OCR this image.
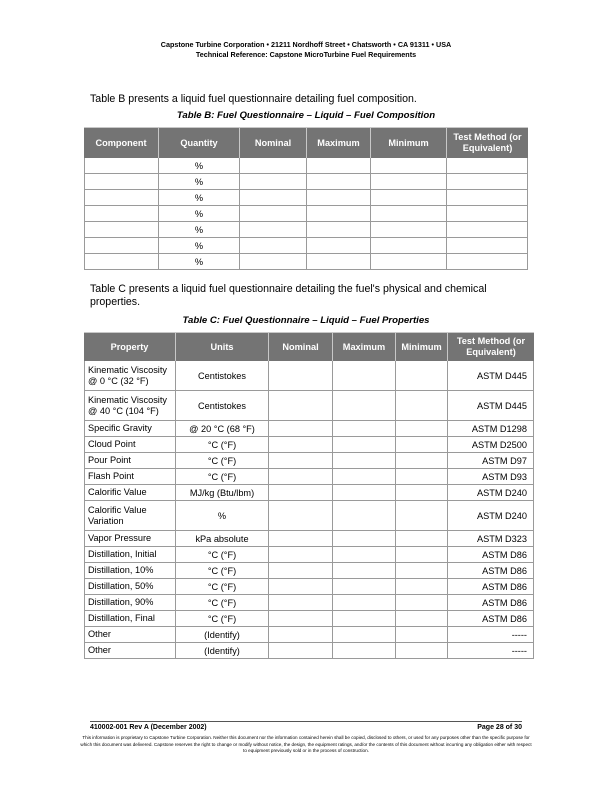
Capstone Turbine Corporation • 21211 Nordhoff Street • Chatsworth • CA 91311 • USA
Technical Reference: Capstone MicroTurbine Fuel Requirements
Table B presents a liquid fuel questionnaire detailing fuel composition.
Table B: Fuel Questionnaire – Liquid – Fuel Composition
Component	Quantity	Nominal	Maximum	Minimum	Test Method (or Equivalent)
	%				
	%				
	%				
	%				
	%				
	%				
	%				
Table C presents a liquid fuel questionnaire detailing the fuel's physical and chemical properties.
Table C: Fuel Questionnaire – Liquid – Fuel Properties
Property	Units	Nominal	Maximum	Minimum	Test Method (or Equivalent)
Kinematic Viscosity @ 0 °C (32 °F)	Centistokes				ASTM D445
Kinematic Viscosity @ 40 °C (104 °F)	Centistokes				ASTM D445
Specific Gravity	@ 20 °C (68 °F)				ASTM D1298
Cloud Point	°C (°F)				ASTM D2500
Pour Point	°C (°F)				ASTM D97
Flash Point	°C (°F)				ASTM D93
Calorific Value	MJ/kg (Btu/lbm)				ASTM D240
Calorific Value Variation	%				ASTM D240
Vapor Pressure	kPa absolute				ASTM D323
Distillation, Initial	°C (°F)				ASTM D86
Distillation, 10%	°C (°F)				ASTM D86
Distillation, 50%	°C (°F)				ASTM D86
Distillation, 90%	°C (°F)				ASTM D86
Distillation, Final	°C (°F)				ASTM D86
Other	(Identify)				-----
Other	(Identify)				-----
410002-001 Rev A (December 2002)	Page 28 of 30
This information is proprietary to Capstone Turbine Corporation. Neither this document nor the information contained herein shall be copied, disclosed to others, or used for any purposes other than the specific purpose for which this document was delivered. Capstone reserves the right to change or modify without notice, the design, the equipment ratings, and/or the contents of this document without incurring any obligation either with respect to equipment previously sold or in the process of construction.
